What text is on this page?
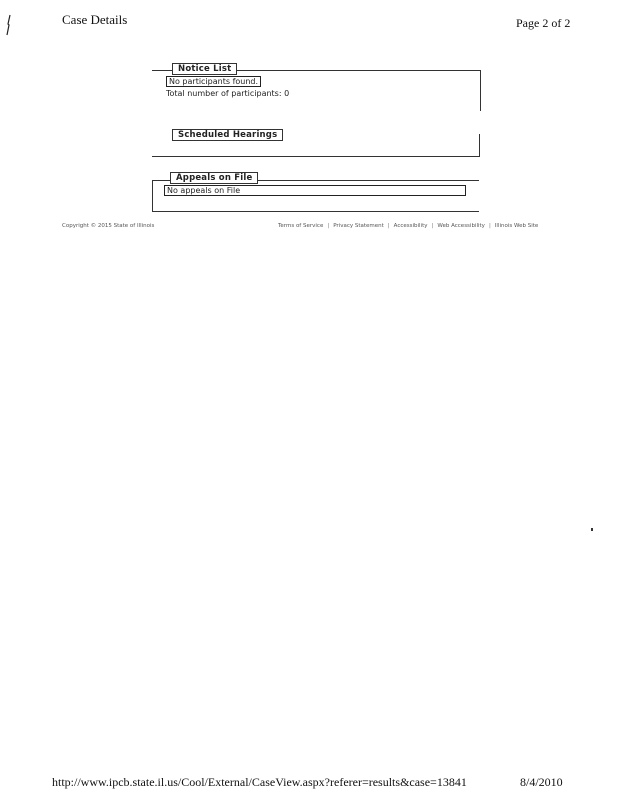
Case Details	Page 2 of 2
Notice List
No participants found.
Total number of participants: 0
Scheduled Hearings
Appeals on File
No appeals on File
Copyright © 2015 State of Illinois	Terms of Service | Privacy Statement | Accessibility | Web Accessibility | Illinois Web Site
http://www.ipcb.state.il.us/Cool/External/CaseView.aspx?referer=results&case=13841	8/4/2010
